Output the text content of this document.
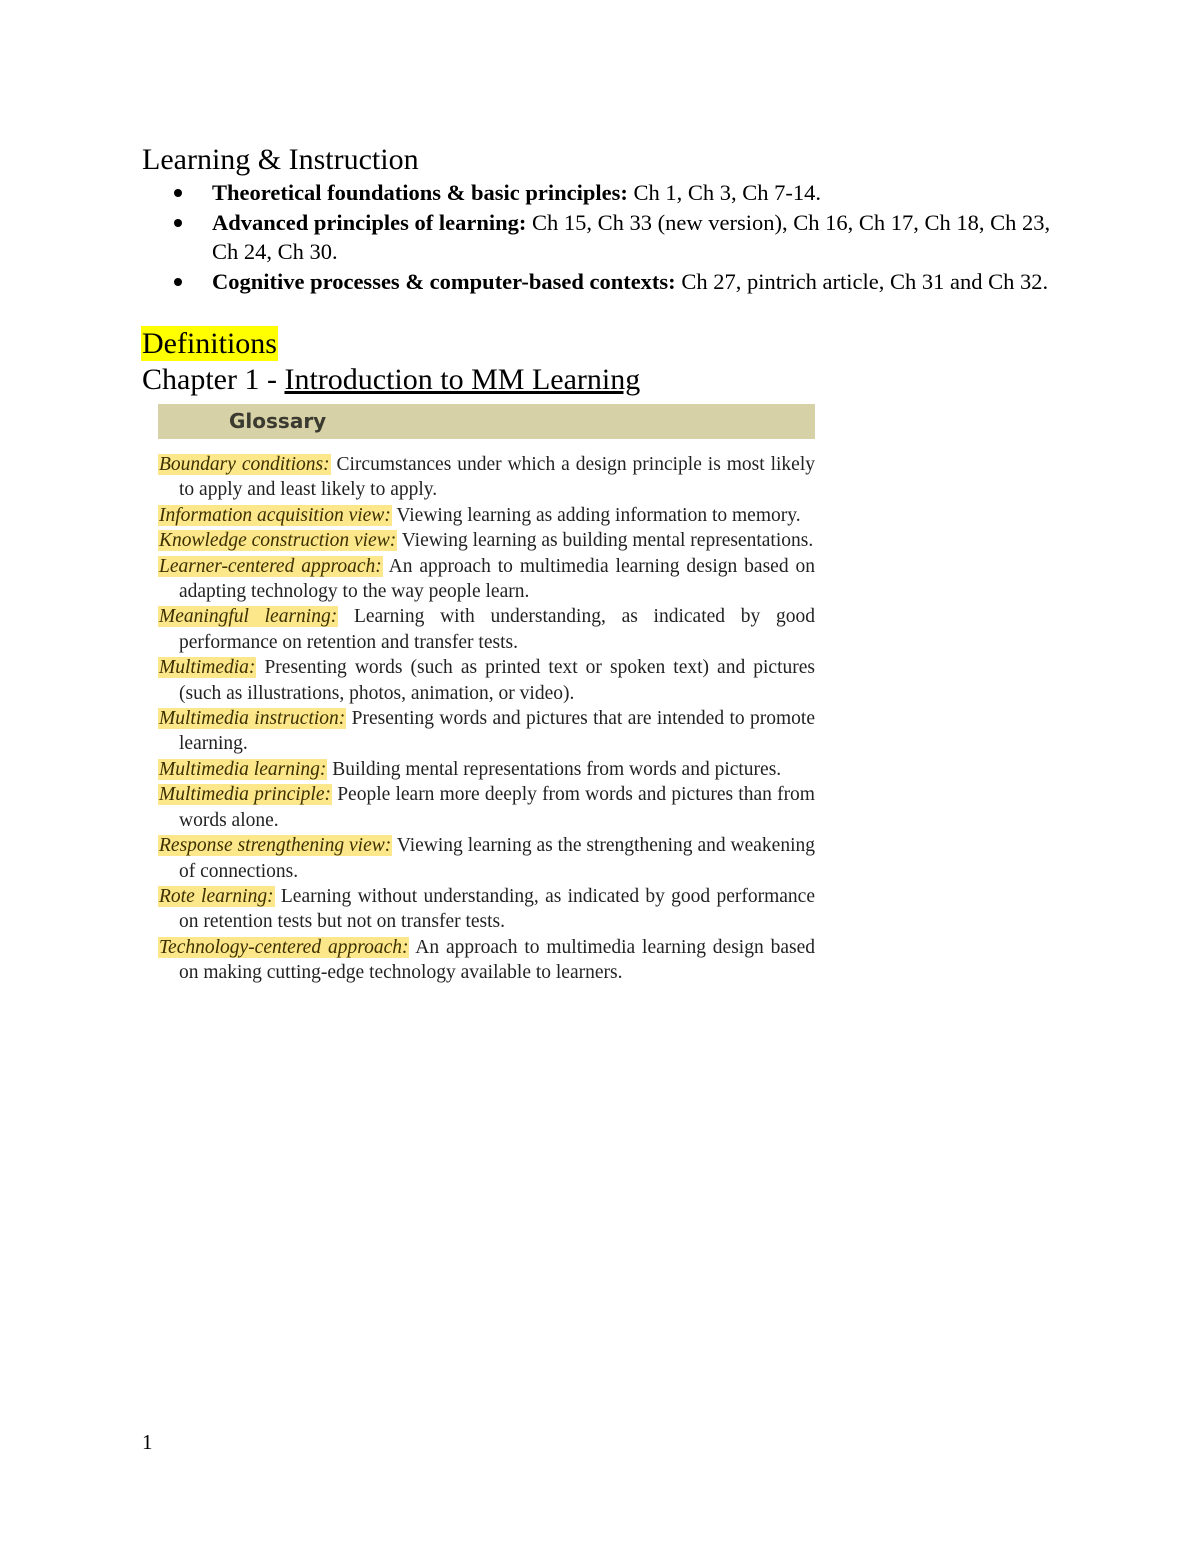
Learning & Instruction
Theoretical foundations & basic principles: Ch 1, Ch 3, Ch 7-14.
Advanced principles of learning: Ch 15, Ch 33 (new version), Ch 16, Ch 17, Ch 18, Ch 23, Ch 24, Ch 30.
Cognitive processes & computer-based contexts: Ch 27, pintrich article, Ch 31 and Ch 32.
Definitions
Chapter 1 - Introduction to MM Learning
Glossary
Boundary conditions: Circumstances under which a design principle is most likely to apply and least likely to apply.
Information acquisition view: Viewing learning as adding information to memory.
Knowledge construction view: Viewing learning as building mental representations.
Learner-centered approach: An approach to multimedia learning design based on adapting technology to the way people learn.
Meaningful learning: Learning with understanding, as indicated by good performance on retention and transfer tests.
Multimedia: Presenting words (such as printed text or spoken text) and pictures (such as illustrations, photos, animation, or video).
Multimedia instruction: Presenting words and pictures that are intended to promote learning.
Multimedia learning: Building mental representations from words and pictures.
Multimedia principle: People learn more deeply from words and pictures than from words alone.
Response strengthening view: Viewing learning as the strengthening and weakening of connections.
Rote learning: Learning without understanding, as indicated by good performance on retention tests but not on transfer tests.
Technology-centered approach: An approach to multimedia learning design based on making cutting-edge technology available to learners.
1
